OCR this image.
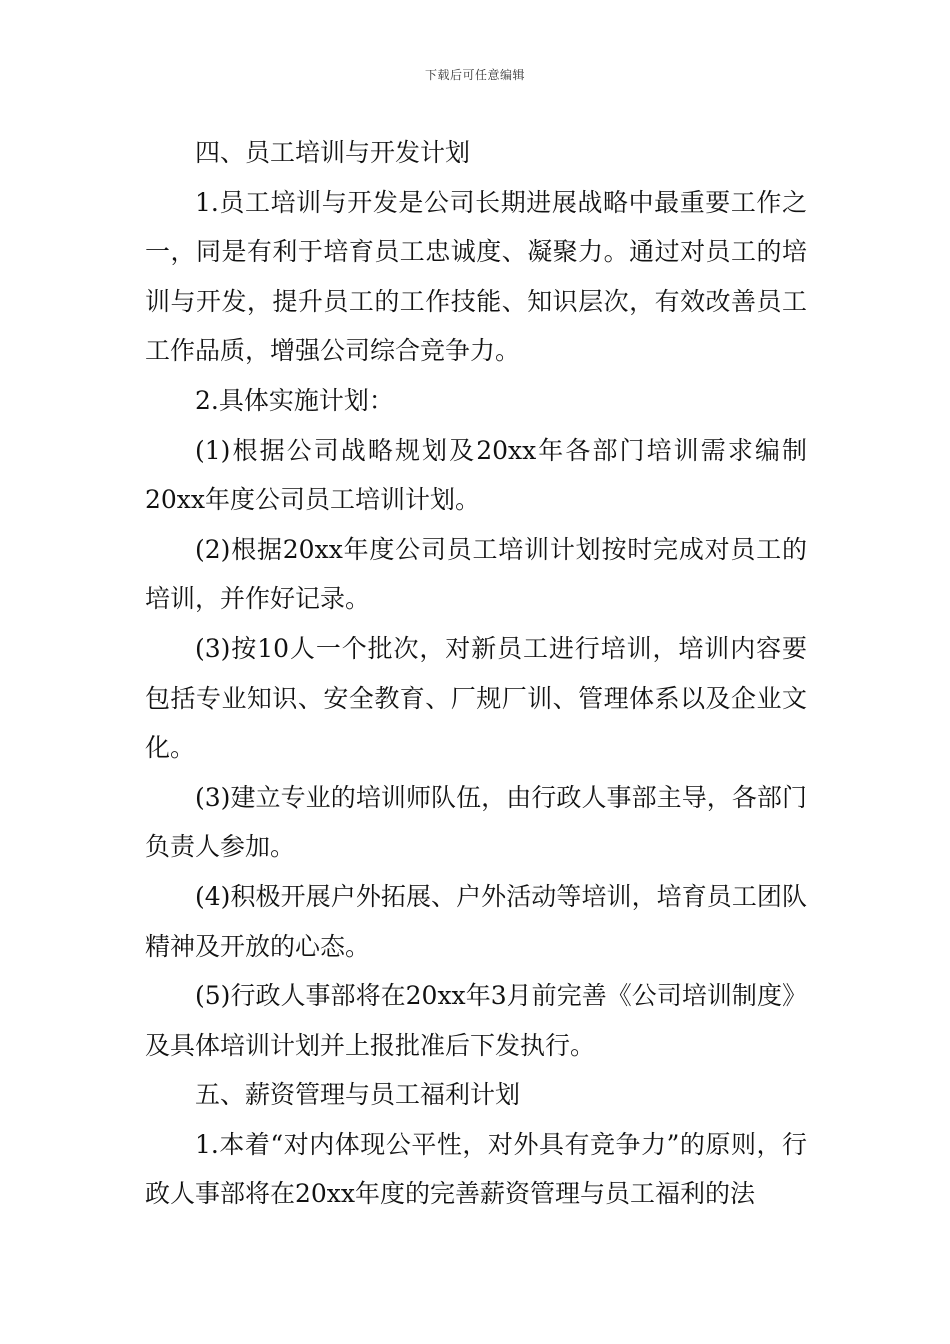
下载后可任意编辑

四、员工培训与开发计划

1.员工培训与开发是公司长期进展战略中最重要工作之一，同是有利于培育员工忠诚度、凝聚力。通过对员工的培训与开发，提升员工的工作技能、知识层次，有效改善员工工作品质，增强公司综合竞争力。

2.具体实施计划：

(1)根据公司战略规划及20xx年各部门培训需求编制20xx年度公司员工培训计划。

(2)根据20xx年度公司员工培训计划按时完成对员工的培训，并作好记录。

(3)按10人一个批次，对新员工进行培训，培训内容要包括专业知识、安全教育、厂规厂训、管理体系以及企业文化。

(3)建立专业的培训师队伍，由行政人事部主导，各部门负责人参加。

(4)积极开展户外拓展、户外活动等培训，培育员工团队精神及开放的心态。

(5)行政人事部将在20xx年3月前完善《公司培训制度》及具体培训计划并上报批准后下发执行。

五、薪资管理与员工福利计划

1.本着“对内体现公平性，对外具有竞争力”的原则，行政人事部将在20xx年度的完善薪资管理与员工福利的法
